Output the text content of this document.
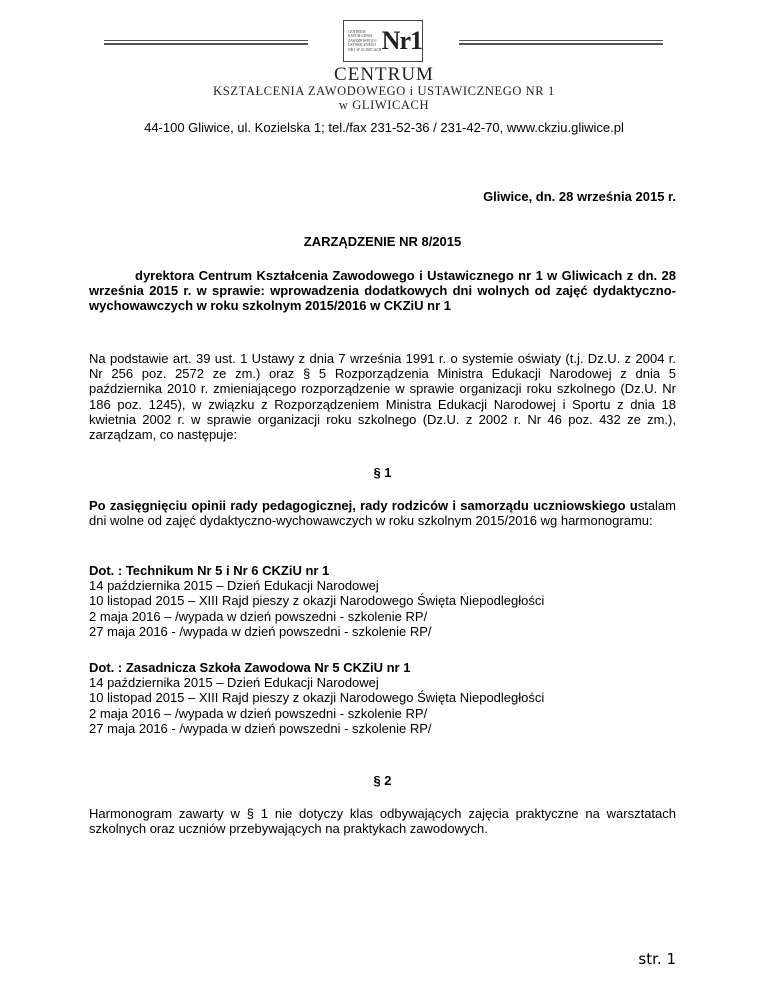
CENTRUM KSZTAŁCENIA ZAWODOWEGO I USTAWICZNEGO NR 1 W GLIWICACH Nr1
CENTRUM
KSZTAŁCENIA ZAWODOWEGO i USTAWICZNEGO NR 1
w GLIWICACH
44-100 Gliwice, ul. Kozielska 1; tel./fax 231-52-36 / 231-42-70, www.ckziu.gliwice.pl
Gliwice, dn. 28 września 2015 r.
ZARZĄDZENIE NR 8/2015
dyrektora Centrum Kształcenia Zawodowego i Ustawicznego nr 1 w Gliwicach z dn. 28 września 2015 r. w sprawie: wprowadzenia dodatkowych dni wolnych od zajęć dydaktyczno-wychowawczych w roku szkolnym 2015/2016 w CKZiU nr 1
Na podstawie art. 39 ust. 1 Ustawy z dnia 7 września 1991 r. o systemie oświaty (t.j. Dz.U. z 2004 r. Nr 256 poz. 2572 ze zm.) oraz § 5 Rozporządzenia Ministra Edukacji Narodowej z dnia 5 października 2010 r. zmieniającego rozporządzenie w sprawie organizacji roku szkolnego (Dz.U. Nr 186 poz. 1245), w związku z Rozporządzeniem Ministra Edukacji Narodowej i Sportu z dnia 18 kwietnia 2002 r. w sprawie organizacji roku szkolnego (Dz.U. z 2002 r. Nr 46 poz. 432 ze zm.), zarządzam, co następuje:
§ 1
Po zasięgnięciu opinii rady pedagogicznej, rady rodziców i samorządu uczniowskiego ustalam dni wolne od zajęć dydaktyczno-wychowawczych w roku szkolnym 2015/2016 wg harmonogramu:
Dot. : Technikum Nr 5 i Nr 6 CKZiU nr 1
14 października 2015 – Dzień Edukacji Narodowej
10 listopad 2015 – XIII Rajd pieszy z okazji Narodowego Święta Niepodległości
2 maja 2016 – /wypada w dzień powszedni - szkolenie RP/
27 maja 2016 - /wypada w dzień powszedni - szkolenie RP/
Dot. : Zasadnicza Szkoła Zawodowa Nr 5 CKZiU nr 1
14 października 2015 – Dzień Edukacji Narodowej
10 listopad 2015 – XIII Rajd pieszy z okazji Narodowego Święta Niepodległości
2 maja 2016 – /wypada w dzień powszedni - szkolenie RP/
27 maja 2016 - /wypada w dzień powszedni - szkolenie RP/
§ 2
Harmonogram zawarty w § 1 nie dotyczy klas odbywających zajęcia praktyczne na warsztatach szkolnych oraz uczniów przebywających na praktykach zawodowych.
str. 1
